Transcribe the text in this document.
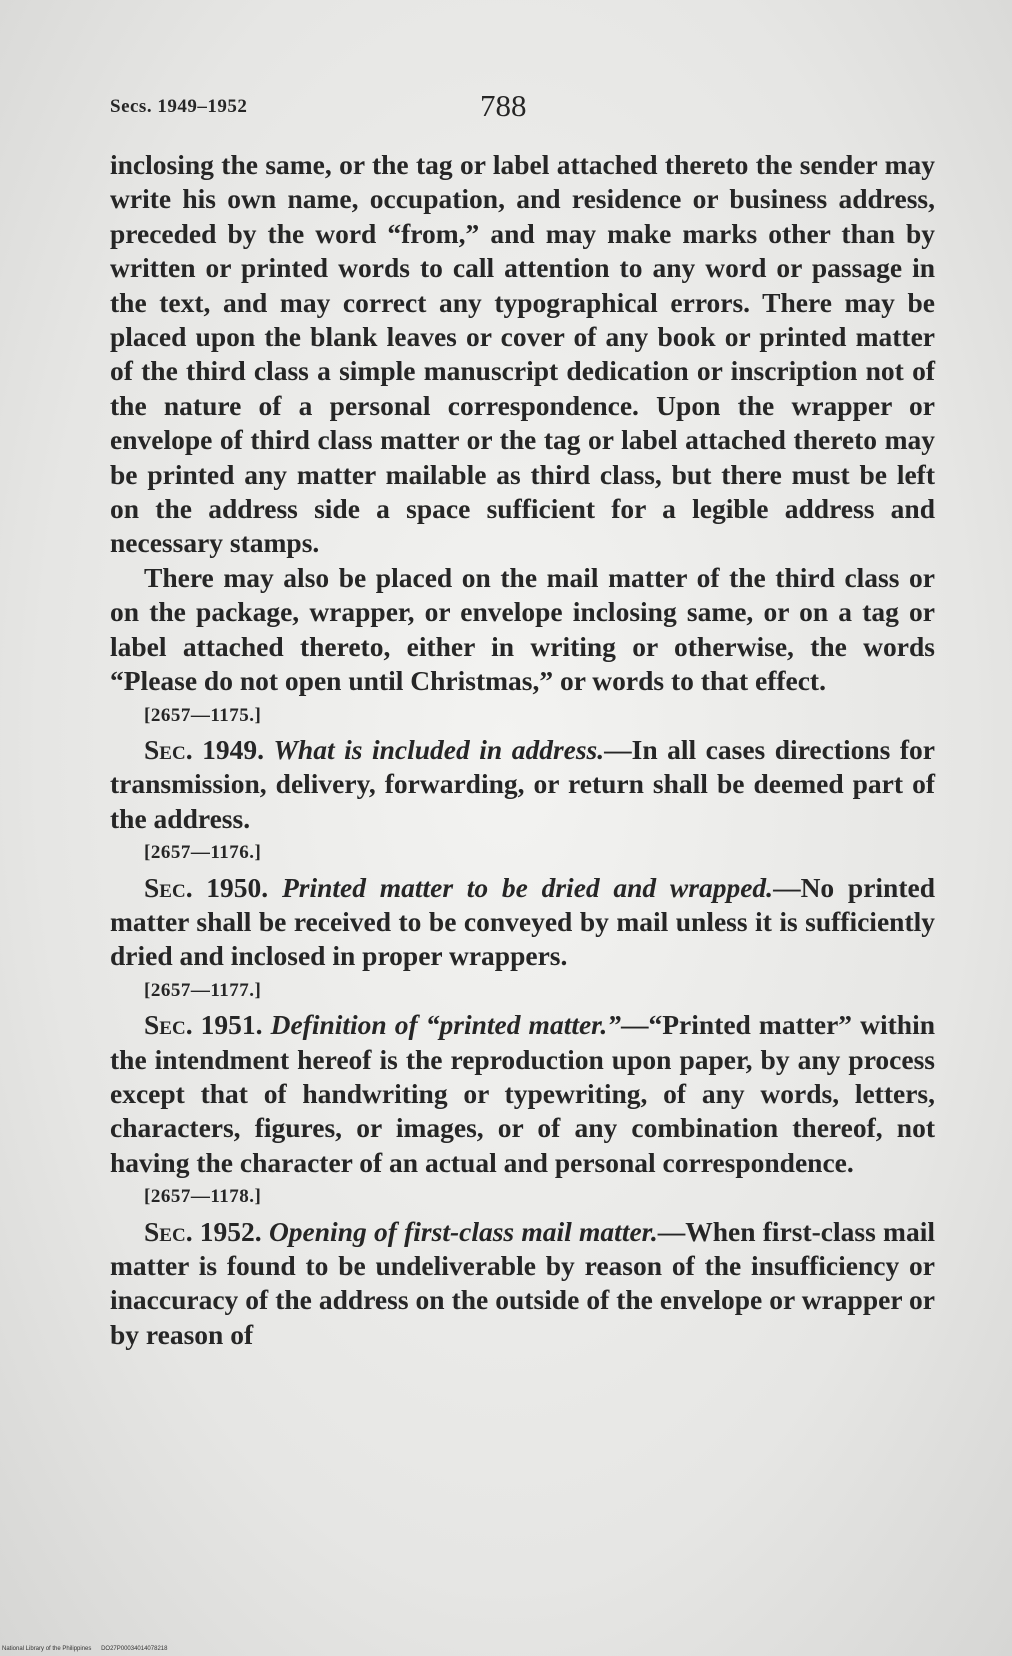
Secs. 1949–1952	788

inclosing the same, or the tag or label attached thereto the sender may write his own name, occupation, and residence or business address, preceded by the word “from,” and may make marks other than by written or printed words to call attention to any word or passage in the text, and may correct any typographical errors. There may be placed upon the blank leaves or cover of any book or printed matter of the third class a simple manuscript dedication or inscription not of the nature of a personal correspondence. Upon the wrapper or envelope of third class matter or the tag or label attached thereto may be printed any matter mailable as third class, but there must be left on the address side a space sufficient for a legible address and necessary stamps.

There may also be placed on the mail matter of the third class or on the package, wrapper, or envelope inclosing same, or on a tag or label attached thereto, either in writing or otherwise, the words “Please do not open until Christmas,” or words to that effect.

[2657—1175.]

Sec. 1949. What is included in address.—In all cases directions for transmission, delivery, forwarding, or return shall be deemed part of the address.

[2657—1176.]

Sec. 1950. Printed matter to be dried and wrapped.—No printed matter shall be received to be conveyed by mail unless it is sufficiently dried and inclosed in proper wrappers.

[2657—1177.]

Sec. 1951. Definition of “printed matter.”—“Printed matter” within the intendment hereof is the reproduction upon paper, by any process except that of handwriting or typewriting, of any words, letters, characters, figures, or images, or of any combination thereof, not having the character of an actual and personal correspondence.

[2657—1178.]

Sec. 1952. Opening of first-class mail matter.—When first-class mail matter is found to be undeliverable by reason of the insufficiency or inaccuracy of the address on the outside of the envelope or wrapper or by reason of

National Library of the Philippines DO27P00034014078218
